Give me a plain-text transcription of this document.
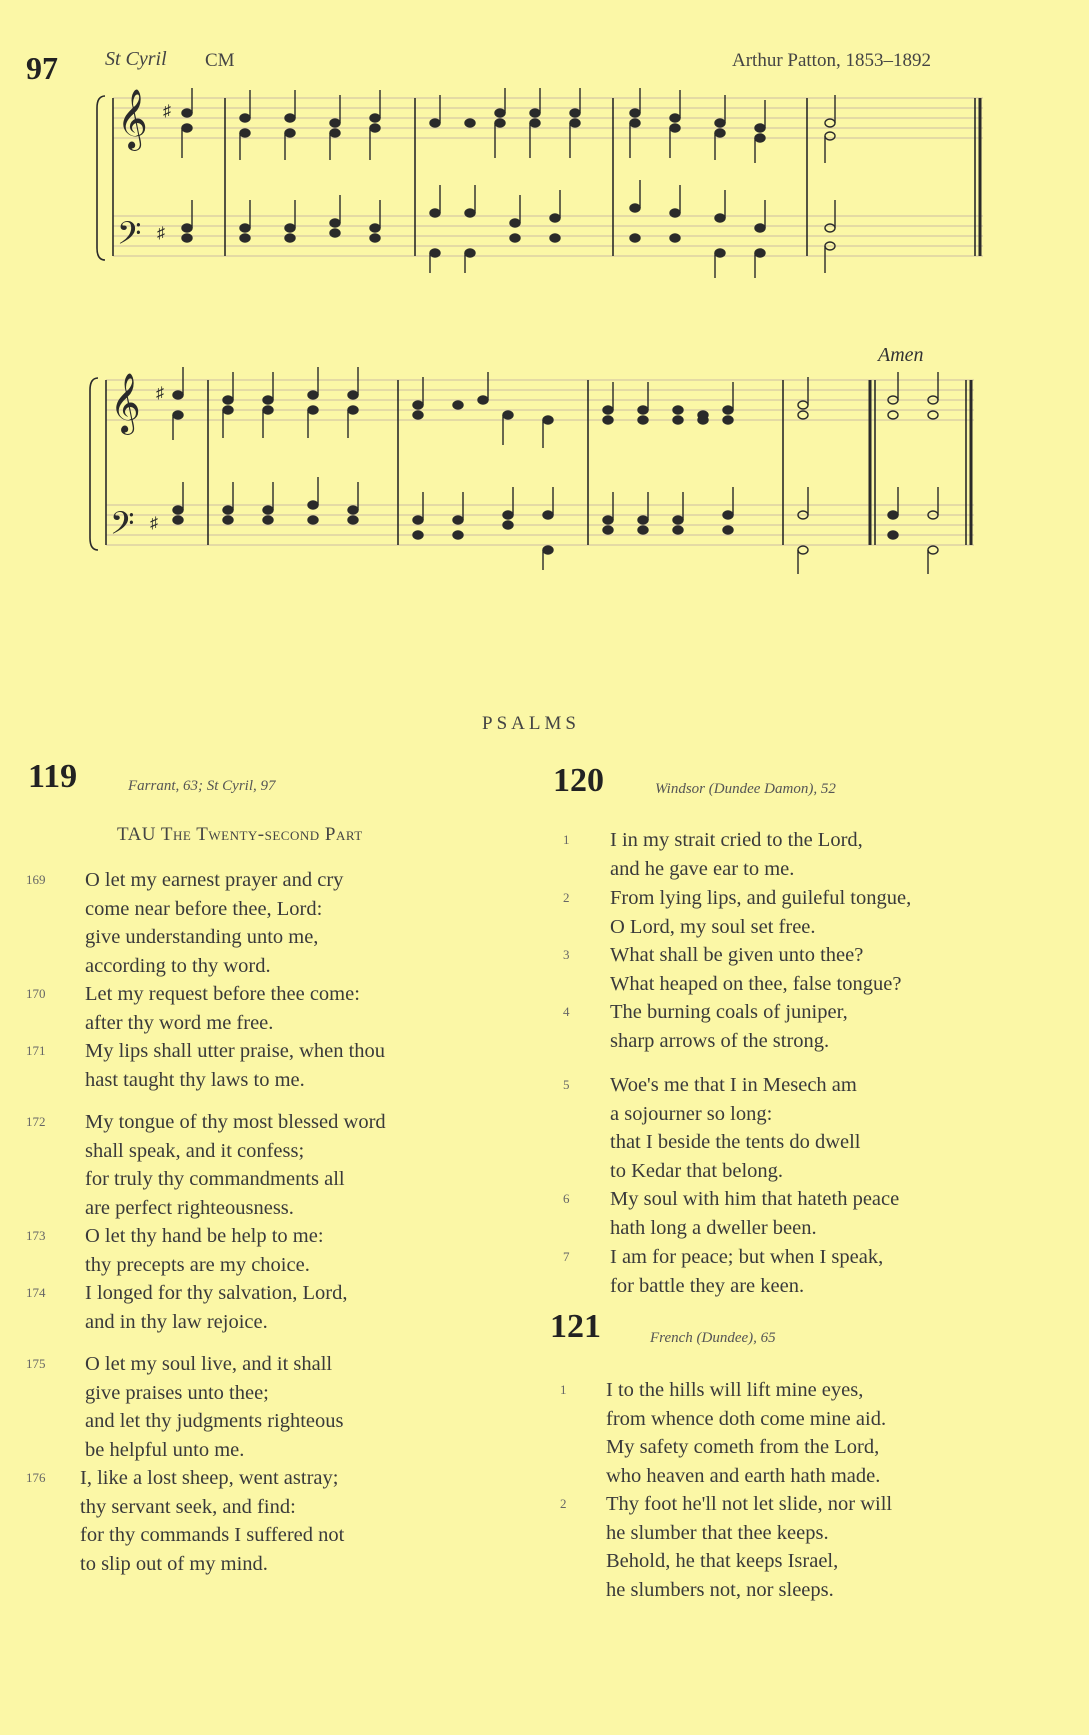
97 St Cyril CM	Arthur Patton, 1853–1892
𝄞
𝄢
♯
♯
𝄞
𝄢
♯
♯
Amen
PSALMS
119	Farrant, 63; St Cyril, 97
TAU The Twenty-second Part
169 O let my earnest prayer and cry
come near before thee, Lord:
give understanding unto me,
according to thy word.
170 Let my request before thee come:
after thy word me free.
171 My lips shall utter praise, when thou
hast taught thy laws to me.
172 My tongue of thy most blessed word
shall speak, and it confess;
for truly thy commandments all
are perfect righteousness.
173 O let thy hand be help to me:
thy precepts are my choice.
174 I longed for thy salvation, Lord,
and in thy law rejoice.
175 O let my soul live, and it shall
give praises unto thee;
and let thy judgments righteous
be helpful unto me.
176 I, like a lost sheep, went astray;
thy servant seek, and find:
for thy commands I suffered not
to slip out of my mind.
120	Windsor (Dundee Damon), 52
1 I in my strait cried to the Lord,
and he gave ear to me.
2 From lying lips, and guileful tongue,
O Lord, my soul set free.
3 What shall be given unto thee?
What heaped on thee, false tongue?
4 The burning coals of juniper,
sharp arrows of the strong.
5 Woe's me that I in Mesech am
a sojourner so long:
that I beside the tents do dwell
to Kedar that belong.
6 My soul with him that hateth peace
hath long a dweller been.
7 I am for peace; but when I speak,
for battle they are keen.
121	French (Dundee), 65
1 I to the hills will lift mine eyes,
from whence doth come mine aid.
My safety cometh from the Lord,
who heaven and earth hath made.
2 Thy foot he'll not let slide, nor will
he slumber that thee keeps.
Behold, he that keeps Israel,
he slumbers not, nor sleeps.
